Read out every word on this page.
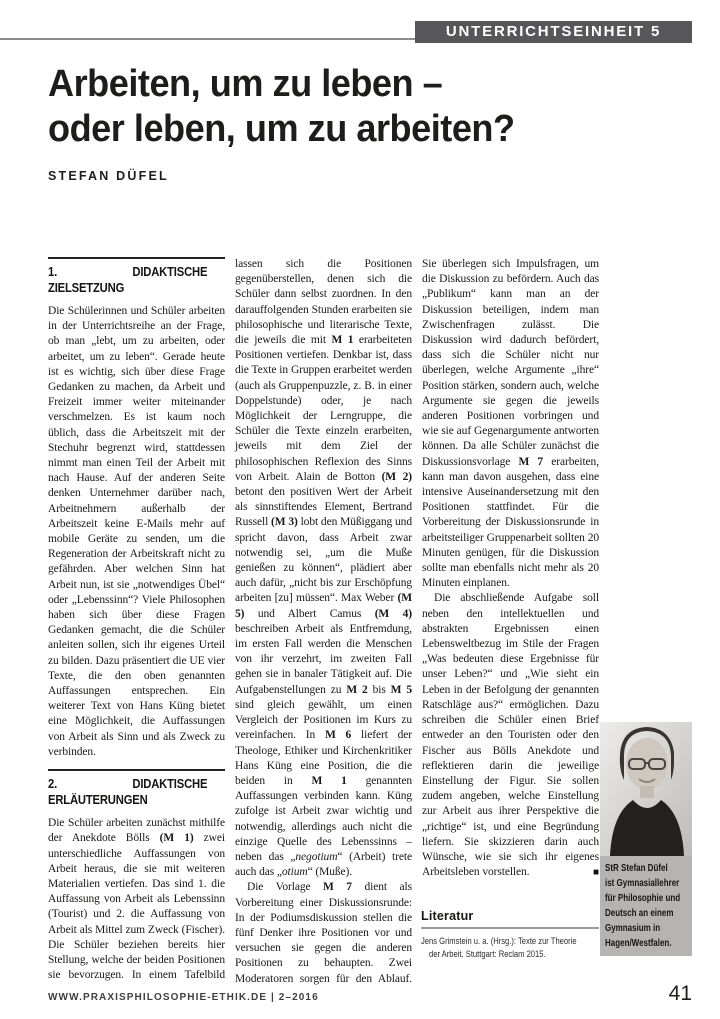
UNTERRICHTSEINHEIT 5
Arbeiten, um zu leben –
oder leben, um zu arbeiten?
STEFAN DÜFEL
1. DIDAKTISCHE ZIELSETZUNG

Die Schülerinnen und Schüler arbeiten in der Unterrichtsreihe an der Frage, ob man „lebt, um zu arbeiten, oder arbeitet, um zu leben“. Gerade heute ist es wichtig, sich über diese Frage Gedanken zu machen, da Arbeit und Freizeit immer weiter miteinander verschmelzen. Es ist kaum noch üblich, dass die Arbeitszeit mit der Stechuhr begrenzt wird, stattdessen nimmt man einen Teil der Arbeit mit nach Hause. Auf der anderen Seite denken Unternehmer darüber nach, Arbeitnehmern außerhalb der Arbeitszeit keine E-Mails mehr auf mobile Geräte zu senden, um die Regeneration der Arbeitskraft nicht zu gefährden. Aber welchen Sinn hat Arbeit nun, ist sie „notwendiges Übel“ oder „Lebenssinn“? Viele Philosophen haben sich über diese Fragen Gedanken gemacht, die die Schüler anleiten sollen, sich ihr eigenes Urteil zu bilden. Dazu präsentiert die UE vier Texte, die den oben genannten Auffassungen entsprechen. Ein weiterer Text von Hans Küng bietet eine Möglichkeit, die Auffassungen von Arbeit als Sinn und als Zweck zu verbinden.

2. DIDAKTISCHE ERLÄUTERUNGEN

Die Schüler arbeiten zunächst mithilfe der Anekdote Bölls (M 1) zwei unterschiedliche Auffassungen von Arbeit heraus, die sie mit weiteren Materialien vertiefen. Das sind 1. die Auffassung von Arbeit als Lebenssinn (Tourist) und 2. die Auffassung von Arbeit als Mittel zum Zweck (Fischer). Die Schüler beziehen bereits hier Stellung, welche der beiden Positionen sie bevorzugen. In einem Tafelbild lassen sich die Positionen gegenüberstellen, denen sich die Schüler dann selbst zuordnen. In den darauffolgenden Stunden erarbeiten sie philosophische und literarische Texte, die jeweils die mit M 1 erarbeiteten Positionen vertiefen. Denkbar ist, dass die Texte in Gruppen erarbeitet werden (auch als Gruppenpuzzle, z. B. in einer Doppelstunde) oder, je nach Möglichkeit der Lerngruppe, die Schüler die Texte einzeln erarbeiten, jeweils mit dem Ziel der philosophischen Reflexion des Sinns von Arbeit. Alain de Botton (M 2) betont den positiven Wert der Arbeit als sinnstiftendes Element, Bertrand Russell (M 3) lobt den Müßiggang und spricht davon, dass Arbeit zwar notwendig sei, „um die Muße genießen zu können“, plädiert aber auch dafür, „nicht bis zur Erschöpfung arbeiten [zu] müssen“. Max Weber (M 5) und Albert Camus (M 4) beschreiben Arbeit als Entfremdung, im ersten Fall werden die Menschen von ihr verzehrt, im zweiten Fall gehen sie in banaler Tätigkeit auf. Die Aufgabenstellungen zu M 2 bis M 5 sind gleich gewählt, um einen Vergleich der Positionen im Kurs zu vereinfachen. In M 6 liefert der Theologe, Ethiker und Kirchenkritiker Hans Küng eine Position, die die beiden in M 1 genannten Auffassungen verbinden kann. Küng zufolge ist Arbeit zwar wichtig und notwendig, allerdings auch nicht die einzige Quelle des Lebenssinns – neben das „negotium“ (Arbeit) trete auch das „otium“ (Muße).

Die Vorlage M 7 dient als Vorbereitung einer Diskussionsrunde: In der Podiumsdiskussion stellen die fünf Denker ihre Positionen vor und versuchen sie gegen die anderen Positionen zu behaupten. Zwei Moderatoren sorgen für den Ablauf. Sie überlegen sich Impulsfragen, um die Diskussion zu befördern. Auch das „Publikum“ kann man an der Diskussion beteiligen, indem man Zwischenfragen zulässt. Die Diskussion wird dadurch befördert, dass sich die Schüler nicht nur überlegen, welche Argumente „ihre“ Position stärken, sondern auch, welche Argumente sie gegen die jeweils anderen Positionen vorbringen und wie sie auf Gegenargumente antworten können. Da alle Schüler zunächst die Diskussionsvorlage M 7 erarbeiten, kann man davon ausgehen, dass eine intensive Auseinandersetzung mit den Positionen stattfindet. Für die Vorbereitung der Diskussionsrunde in arbeitsteiliger Gruppenarbeit sollten 20 Minuten genügen, für die Diskussion sollte man ebenfalls nicht mehr als 20 Minuten einplanen.

Die abschließende Aufgabe soll neben den intellektuellen und abstrakten Ergebnissen einen Lebensweltbezug im Stile der Fragen „Was bedeuten diese Ergebnisse für unser Leben?“ und „Wie sieht ein Leben in der Befolgung der genannten Ratschläge aus?“ ermöglichen. Dazu schreiben die Schüler einen Brief entweder an den Touristen oder den Fischer aus Bölls Anekdote und reflektieren darin die jeweilige Einstellung der Figur. Sie sollen zudem angeben, welche Einstellung zur Arbeit aus ihrer Perspektive die „richtige“ ist, und eine Begründung liefern. Sie skizzieren darin auch Wünsche, wie sie sich ihr eigenes Arbeitsleben vorstellen.	■
Literatur
Jens Grimstein u. a. (Hrsg.): Texte zur Theorie
der Arbeit. Stuttgart: Reclam 2015.
StR Stefan Düfel
ist Gymnasiallehrer
für Philosophie und
Deutsch an einem
Gymnasium in
Hagen/Westfalen.
WWW.PRAXISPHILOSOPHIE-ETHIK.DE | 2–2016	41
